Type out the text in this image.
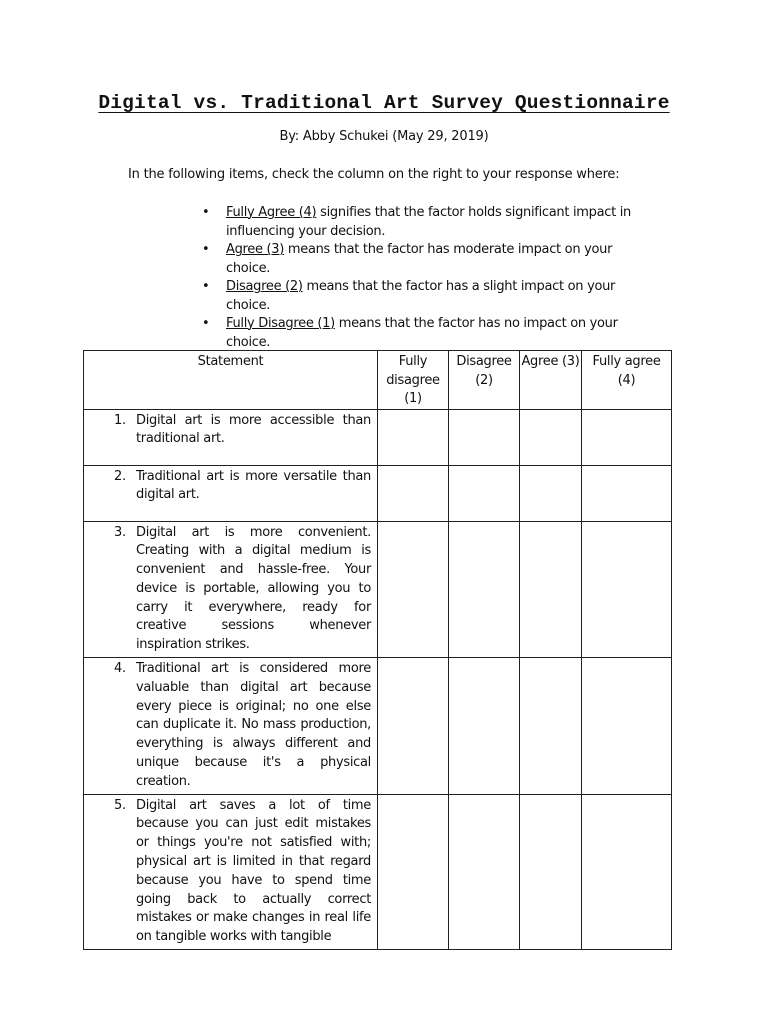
Digital vs. Traditional Art Survey Questionnaire
By: Abby Schukei (May 29, 2019)
In the following items, check the column on the right to your response where:
• Fully Agree (4) signifies that the factor holds significant impact in influencing your decision.
• Agree (3) means that the factor has moderate impact on your choice.
• Disagree (2) means that the factor has a slight impact on your choice.
• Fully Disagree (1) means that the factor has no impact on your choice.
Statement	Fully disagree (1)	Disagree (2)	Agree (3)	Fully agree (4)

1. Digital art is more accessible than traditional art.				

2. Traditional art is more versatile than digital art.				

3. Digital art is more convenient. Creating with a digital medium is convenient and hassle-free. Your device is portable, allowing you to carry it everywhere, ready for creative sessions whenever inspiration strikes.				

4. Traditional art is considered more valuable than digital art because every piece is original; no one else can duplicate it. No mass production, everything is always different and unique because it's a physical creation.				

5. Digital art saves a lot of time because you can just edit mistakes or things you're not satisfied with; physical art is limited in that regard because you have to spend time going back to actually correct mistakes or make changes in real life on tangible works with tangible				
